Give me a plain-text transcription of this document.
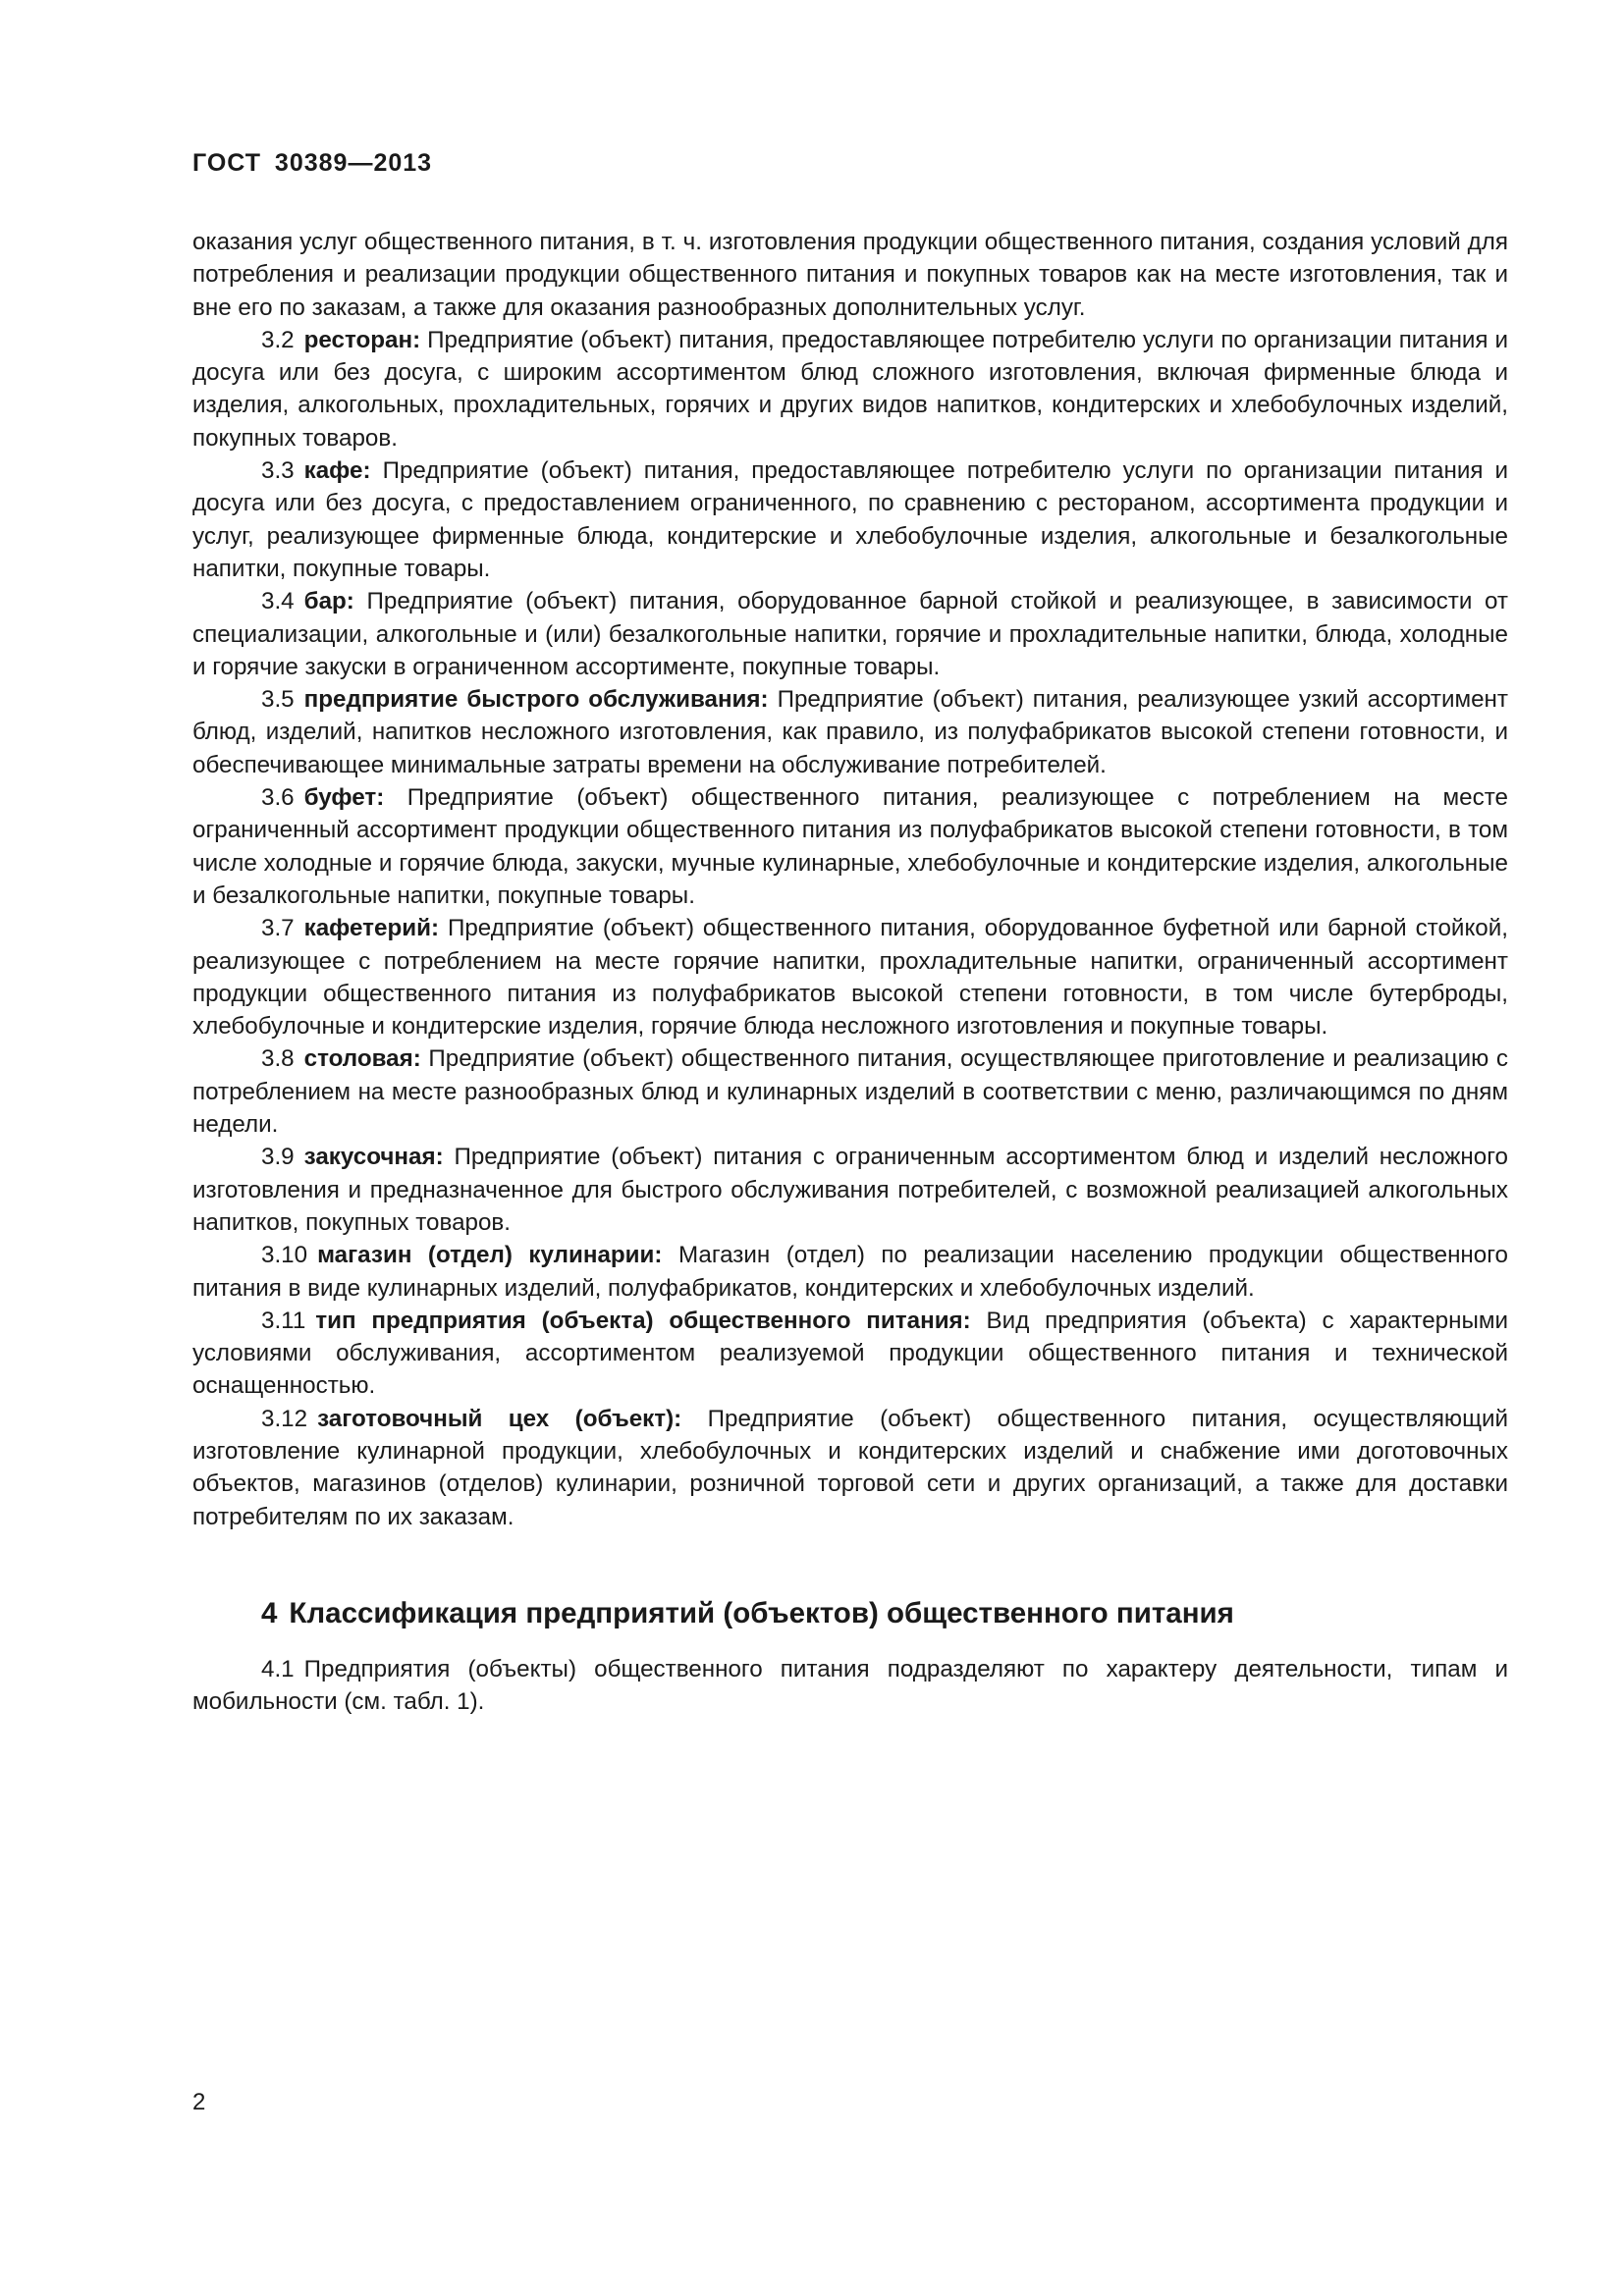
ГОСТ 30389—2013

оказания услуг общественного питания, в т. ч. изготовления продукции общественного питания, создания условий для потребления и реализации продукции общественного питания и покупных товаров как на месте изготовления, так и вне его по заказам, а также для оказания разнообразных дополнительных услуг.

3.2 ресторан: Предприятие (объект) питания, предоставляющее потребителю услуги по организации питания и досуга или без досуга, с широким ассортиментом блюд сложного изготовления, включая фирменные блюда и изделия, алкогольных, прохладительных, горячих и других видов напитков, кондитерских и хлебобулочных изделий, покупных товаров.

3.3 кафе: Предприятие (объект) питания, предоставляющее потребителю услуги по организации питания и досуга или без досуга, с предоставлением ограниченного, по сравнению с рестораном, ассортимента продукции и услуг, реализующее фирменные блюда, кондитерские и хлебобулочные изделия, алкогольные и безалкогольные напитки, покупные товары.

3.4 бар: Предприятие (объект) питания, оборудованное барной стойкой и реализующее, в зависимости от специализации, алкогольные и (или) безалкогольные напитки, горячие и прохладительные напитки, блюда, холодные и горячие закуски в ограниченном ассортименте, покупные товары.

3.5 предприятие быстрого обслуживания: Предприятие (объект) питания, реализующее узкий ассортимент блюд, изделий, напитков несложного изготовления, как правило, из полуфабрикатов высокой степени готовности, и обеспечивающее минимальные затраты времени на обслуживание потребителей.

3.6 буфет: Предприятие (объект) общественного питания, реализующее с потреблением на месте ограниченный ассортимент продукции общественного питания из полуфабрикатов высокой степени готовности, в том числе холодные и горячие блюда, закуски, мучные кулинарные, хлебобулочные и кондитерские изделия, алкогольные и безалкогольные напитки, покупные товары.

3.7 кафетерий: Предприятие (объект) общественного питания, оборудованное буфетной или барной стойкой, реализующее с потреблением на месте горячие напитки, прохладительные напитки, ограниченный ассортимент продукции общественного питания из полуфабрикатов высокой степени готовности, в том числе бутерброды, хлебобулочные и кондитерские изделия, горячие блюда несложного изготовления и покупные товары.

3.8 столовая: Предприятие (объект) общественного питания, осуществляющее приготовление и реализацию с потреблением на месте разнообразных блюд и кулинарных изделий в соответствии с меню, различающимся по дням недели.

3.9 закусочная: Предприятие (объект) питания с ограниченным ассортиментом блюд и изделий несложного изготовления и предназначенное для быстрого обслуживания потребителей, с возможной реализацией алкогольных напитков, покупных товаров.

3.10 магазин (отдел) кулинарии: Магазин (отдел) по реализации населению продукции общественного питания в виде кулинарных изделий, полуфабрикатов, кондитерских и хлебобулочных изделий.

3.11 тип предприятия (объекта) общественного питания: Вид предприятия (объекта) с характерными условиями обслуживания, ассортиментом реализуемой продукции общественного питания и технической оснащенностью.

3.12 заготовочный цех (объект): Предприятие (объект) общественного питания, осуществляющий изготовление кулинарной продукции, хлебобулочных и кондитерских изделий и снабжение ими доготовочных объектов, магазинов (отделов) кулинарии, розничной торговой сети и других организаций, а также для доставки потребителям по их заказам.

4 Классификация предприятий (объектов) общественного питания

4.1 Предприятия (объекты) общественного питания подразделяют по характеру деятельности, типам и мобильности (см. табл. 1).

2
